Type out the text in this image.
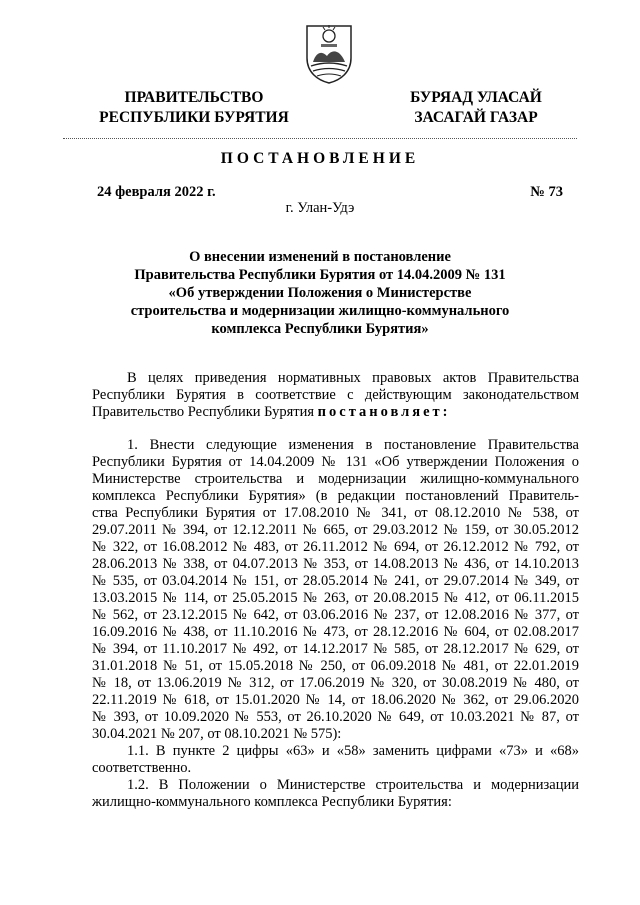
ПРАВИТЕЛЬСТВО
РЕСПУБЛИКИ БУРЯТИЯ
БУРЯАД УЛАСАЙ
ЗАСАГАЙ ГАЗАР
ПОСТАНОВЛЕНИЕ
24 февраля 2022 г.	№ 73
г. Улан-Удэ
О внесении изменений в постановление
Правительства Республики Бурятия от 14.04.2009 № 131
«Об утверждении Положения о Министерстве
строительства и модернизации жилищно-коммунального
комплекса Республики Бурятия»
В целях приведения нормативных правовых актов Правительства
Республики Бурятия в соответствие с действующим законодательством
Правительство Республики Бурятия постановляет:
1. Внести следующие изменения в постановление Правительства
Республики Бурятия от 14.04.2009 № 131 «Об утверждении Положения о
Министерстве строительства и модернизации жилищно-коммунального
комплекса Республики Бурятия» (в редакции постановлений Правитель-
ства Республики Бурятия от 17.08.2010 № 341, от 08.12.2010 № 538, от
29.07.2011 № 394, от 12.12.2011 № 665, от 29.03.2012 № 159, от 30.05.2012
№ 322, от 16.08.2012 № 483, от 26.11.2012 № 694, от 26.12.2012 № 792, от
28.06.2013 № 338, от 04.07.2013 № 353, от 14.08.2013 № 436, от 14.10.2013
№ 535, от 03.04.2014 № 151, от 28.05.2014 № 241, от 29.07.2014 № 349, от
13.03.2015 № 114, от 25.05.2015 № 263, от 20.08.2015 № 412, от 06.11.2015
№ 562, от 23.12.2015 № 642, от 03.06.2016 № 237, от 12.08.2016 № 377, от
16.09.2016 № 438, от 11.10.2016 № 473, от 28.12.2016 № 604, от 02.08.2017
№ 394, от 11.10.2017 № 492, от 14.12.2017 № 585, от 28.12.2017 № 629, от
31.01.2018 № 51, от 15.05.2018 № 250, от 06.09.2018 № 481, от 22.01.2019
№ 18, от 13.06.2019 № 312, от 17.06.2019 № 320, от 30.08.2019 № 480, от
22.11.2019 № 618, от 15.01.2020 № 14, от 18.06.2020 № 362, от 29.06.2020
№ 393, от 10.09.2020 № 553, от 26.10.2020 № 649, от 10.03.2021 № 87, от
30.04.2021 № 207, от 08.10.2021 № 575):
1.1. В пункте 2 цифры «63» и «58» заменить цифрами «73» и «68»
соответственно.
1.2. В Положении о Министерстве строительства и модернизации
жилищно-коммунального комплекса Республики Бурятия:
